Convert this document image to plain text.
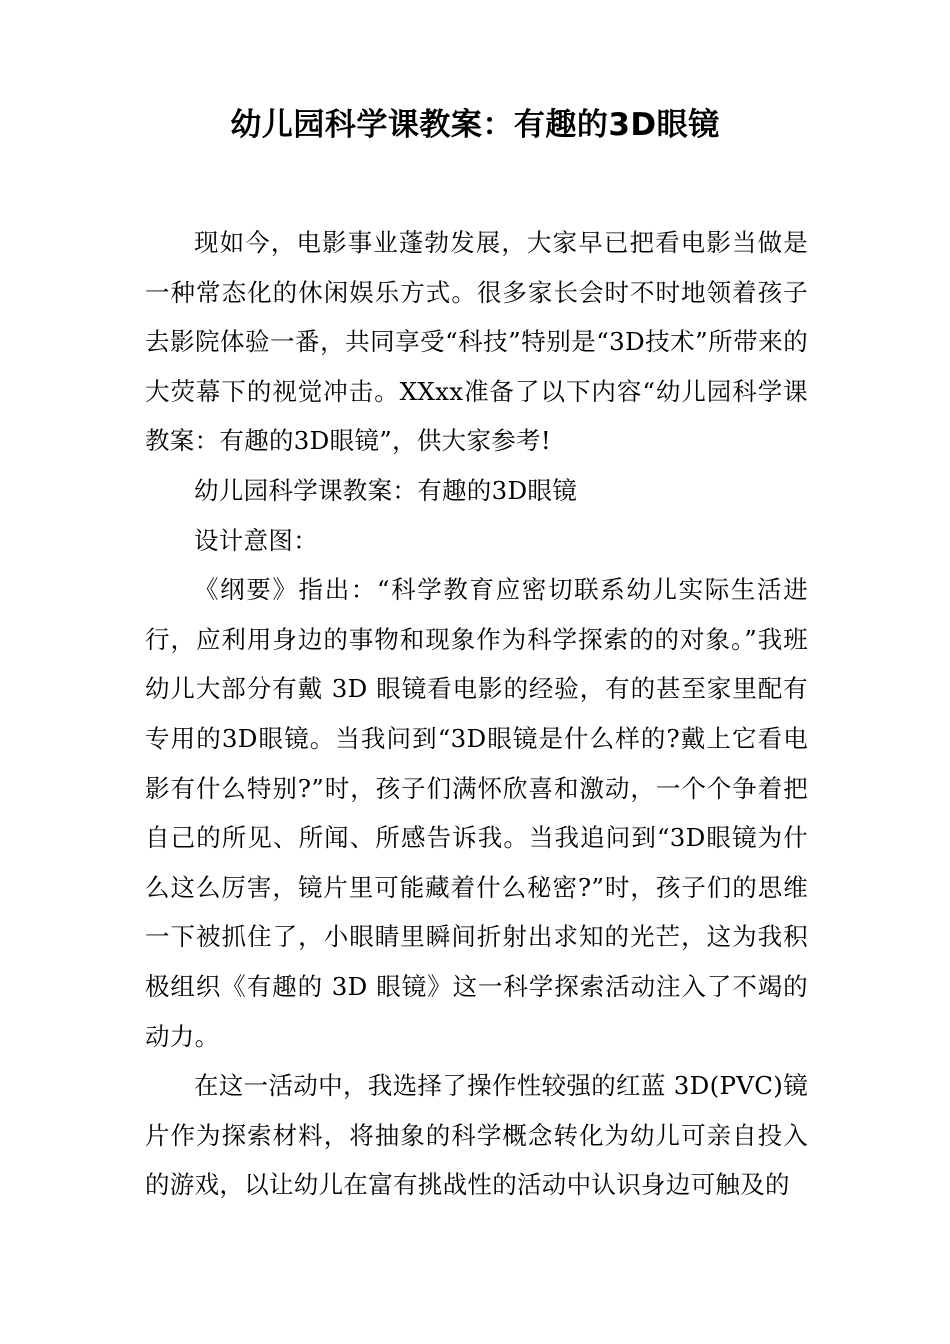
幼儿园科学课教案：有趣的3D眼镜

现如今，电影事业蓬勃发展，大家早已把看电影当做是一种常态化的休闲娱乐方式。很多家长会时不时地领着孩子去影院体验一番，共同享受“科技”特别是“3D技术”所带来的大荧幕下的视觉冲击。XXxx准备了以下内容“幼儿园科学课教案：有趣的3D眼镜”，供大家参考!

幼儿园科学课教案：有趣的3D眼镜

设计意图：

《纲要》指出：“科学教育应密切联系幼儿实际生活进行，应利用身边的事物和现象作为科学探索的的对象。”我班幼儿大部分有戴 3D 眼镜看电影的经验，有的甚至家里配有专用的3D眼镜。当我问到“3D眼镜是什么样的?戴上它看电影有什么特别?”时，孩子们满怀欣喜和激动，一个个争着把自己的所见、所闻、所感告诉我。当我追问到“3D眼镜为什么这么厉害，镜片里可能藏着什么秘密?”时，孩子们的思维一下被抓住了，小眼睛里瞬间折射出求知的光芒，这为我积极组织《有趣的 3D 眼镜》这一科学探索活动注入了不竭的动力。

在这一活动中，我选择了操作性较强的红蓝 3D(PVC)镜片作为探索材料，将抽象的科学概念转化为幼儿可亲自投入的游戏，以让幼儿在富有挑战性的活动中认识身边可触及的
